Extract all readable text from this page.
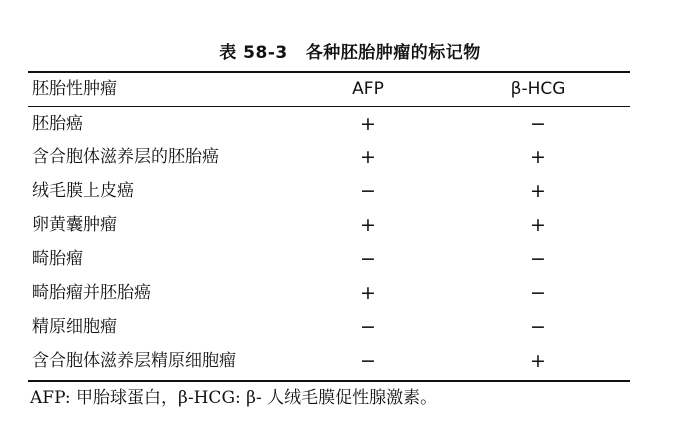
表 58-3 各种胚胎肿瘤的标记物
胚胎性肿瘤	AFP	β-HCG
胚胎癌	+	−
含合胞体滋养层的胚胎癌	+	+
绒毛膜上皮癌	−	+
卵黄囊肿瘤	+	+
畸胎瘤	−	−
畸胎瘤并胚胎癌	+	−
精原细胞瘤	−	−
含合胞体滋养层精原细胞瘤	−	+
AFP: 甲胎球蛋白，β-HCG: β- 人绒毛膜促性腺激素。
